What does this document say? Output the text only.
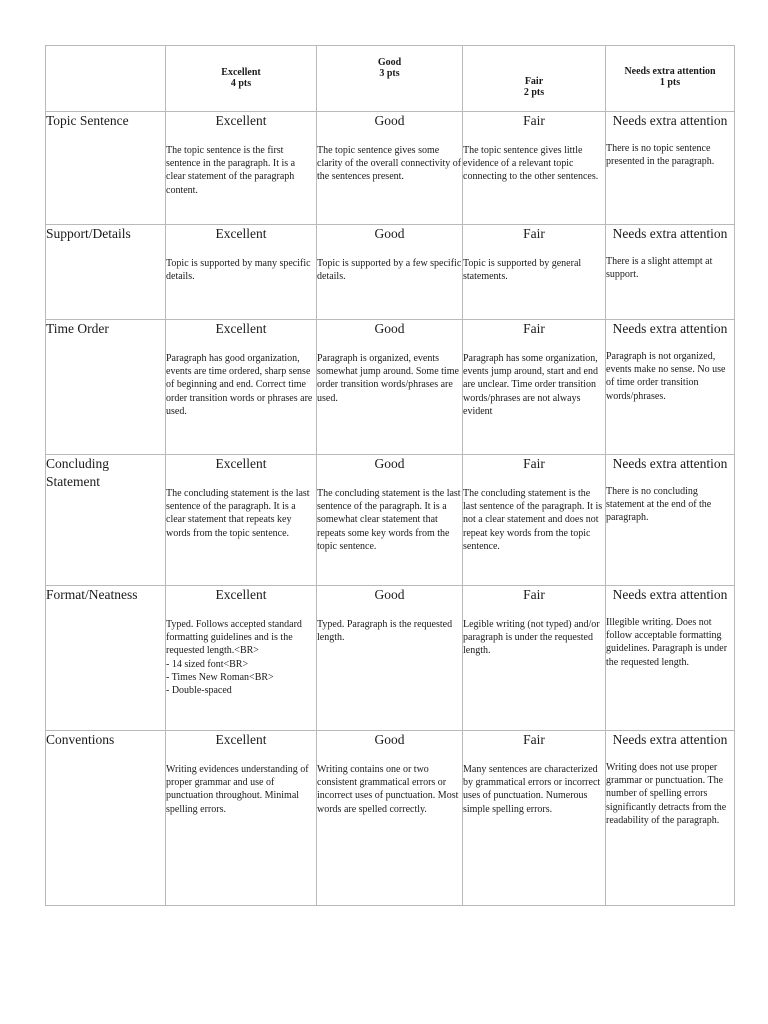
	Excellent
4 pts	Good
3 pts	Fair
2 pts	Needs extra attention
1 pts

Topic Sentence	Excellent
The topic sentence is the first sentence in the paragraph. It is a clear statement of the paragraph content.	Good
The topic sentence gives some clarity of the overall connectivity of the sentences present.	Fair
The topic sentence gives little evidence of a relevant topic connecting to the other sentences.	Needs extra attention
There is no topic sentence presented in the paragraph.

Support/Details	Excellent
Topic is supported by many specific details.	Good
Topic is supported by a few specific details.	Fair
Topic is supported by general statements.	Needs extra attention
There is a slight attempt at support.

Time Order	Excellent
Paragraph has good organization, events are time ordered, sharp sense of beginning and end. Correct time order transition words or phrases are used.	Good
Paragraph is organized, events somewhat jump around. Some time order transition words/phrases are used.	Fair
Paragraph has some organization, events jump around, start and end are unclear. Time order transition words/phrases are not always evident	Needs extra attention
Paragraph is not organized, events make no sense. No use of time order transition words/phrases.

Concluding Statement	Excellent
The concluding statement is the last sentence of the paragraph. It is a clear statement that repeats key words from the topic sentence.	Good
The concluding statement is the last sentence of the paragraph. It is a somewhat clear statement that repeats some key words from the topic sentence.	Fair
The concluding statement is the last sentence of the paragraph. It is not a clear statement and does not repeat key words from the topic sentence.	Needs extra attention
There is no concluding statement at the end of the paragraph.

Format/Neatness	Excellent
Typed. Follows accepted standard formatting guidelines and is the requested length.<BR>
- 14 sized font<BR>
- Times New Roman<BR>
- Double-spaced	Good
Typed. Paragraph is the requested length.	Fair
Legible writing (not typed) and/or paragraph is under the requested length.	Needs extra attention
Illegible writing. Does not follow acceptable formatting guidelines. Paragraph is under the requested length.

Conventions	Excellent
Writing evidences understanding of proper grammar and use of punctuation throughout. Minimal spelling errors.	Good
Writing contains one or two consistent grammatical errors or incorrect uses of punctuation. Most words are spelled correctly.	Fair
Many sentences are characterized by grammatical errors or incorrect uses of punctuation. Numerous simple spelling errors.	Needs extra attention
Writing does not use proper grammar or punctuation. The number of spelling errors significantly detracts from the readability of the paragraph.
